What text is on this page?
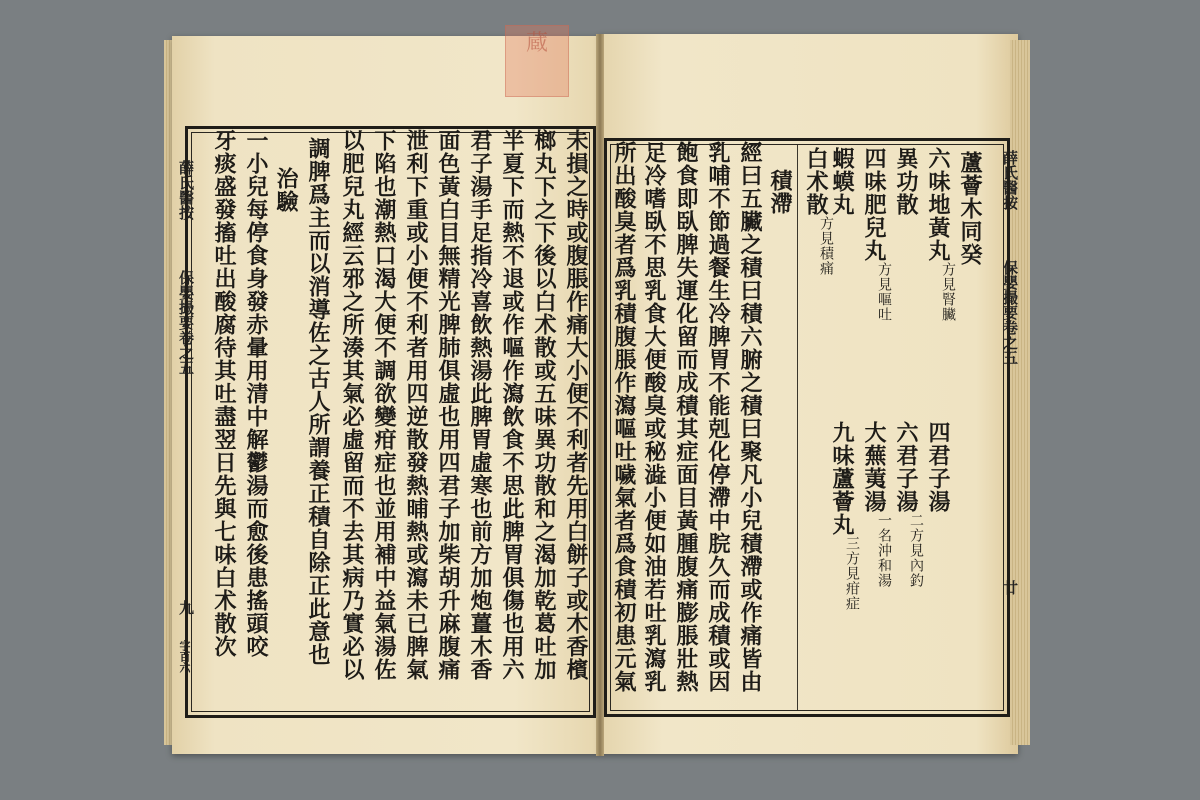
蔵
薛氏醫按
保嬰撮要卷之五
九
字百六	未損之時或腹脹作痛大小便不利者先用白餅子或木香檳
榔丸下之下後以白术散或五味異功散和之渴加乾葛吐加
半夏下而熱不退或作嘔作瀉飲食不思此脾胃俱傷也用六
君子湯手足指冷喜飲熱湯此脾胃虛寒也前方加炮薑木香
面色黃白目無精光脾肺俱虛也用四君子加柴胡升麻腹痛
泄利下重或小便不利者用四逆散發熱晡熱或瀉未已脾氣
下陷也潮熱口渴大便不調欲變疳症也並用補中益氣湯佐
以肥兒丸經云邪之所湊其氣必虛留而不去其病乃實必以
調脾爲主而以消導佐之古人所謂養正積自除正此意也
治驗
一小兒每停食身發赤暈用清中解鬱湯而愈後患搖頭咬
牙痰盛發搐吐出酸腐待其吐盡翌日先與七味白术散次	薛氏醫按
保嬰撮要卷之五
廿
蘆薈木同癸
六味地黃丸
方見腎臟
異功散
四味肥兒丸
方見嘔吐
蝦蟆丸
白术散
方見積痛
四君子湯
六君子湯
二方見內釣
大蕪荑湯
一名沖和湯
九味蘆薈丸
三方見疳症
積滯
經曰五臟之積曰積六腑之積曰聚凡小兒積滯或作痛皆由
乳哺不節過餐生冷脾胃不能剋化停滯中脘久而成積或因
飽食即臥脾失運化留而成積其症面目黃腫腹痛膨脹壯熱
足冷嗜臥不思乳食大便酸臭或秘澁小便如油若吐乳瀉乳
所出酸臭者爲乳積腹脹作瀉嘔吐噦氣者爲食積初患元氣
